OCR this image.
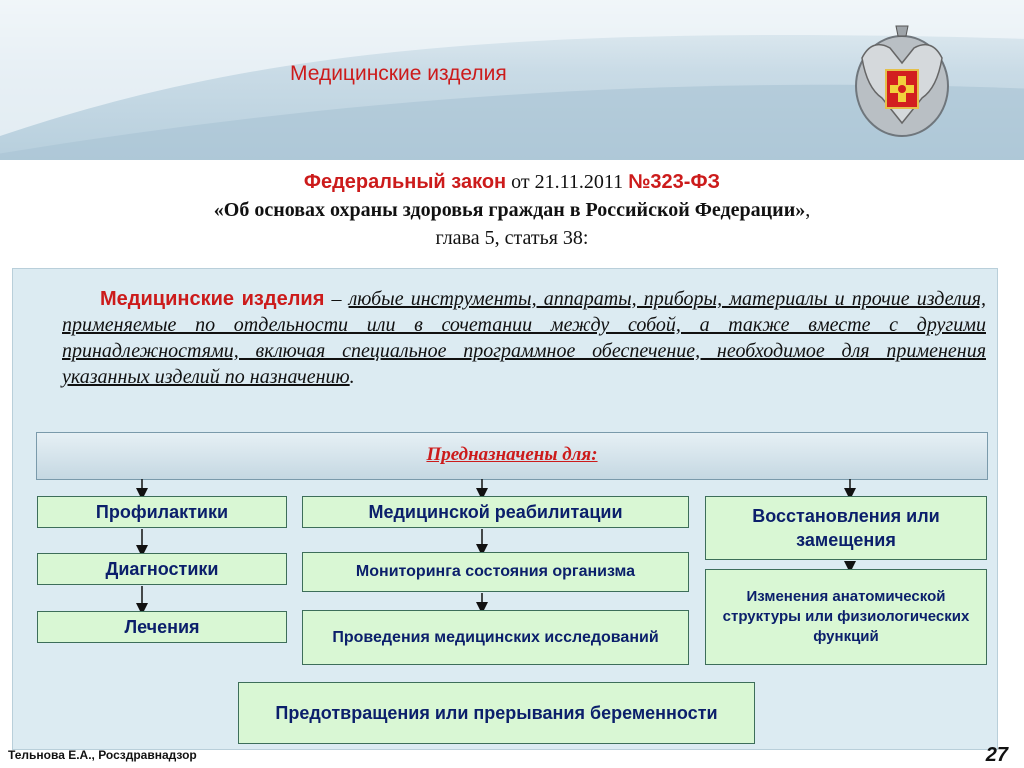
Медицинские изделия
Федеральный закон от 21.11.2011 №323-ФЗ
«Об основах охраны здоровья граждан в Российской Федерации»,
глава 5, статья 38:
Медицинские изделия – любые инструменты, аппараты, приборы, материалы и прочие изделия, применяемые по отдельности или в сочетании между собой, а также вместе с другими принадлежностями, включая специальное программное обеспечение, необходимое для применения указанных изделий по назначению.
Предназначены для:
Профилактики
Диагностики
Лечения
Медицинской реабилитации
Мониторинга состояния организма
Проведения медицинских исследований
Восстановления или замещения
Изменения анатомической структуры или физиологических функций
Предотвращения или прерывания беременности
Тельнова Е.А., Росздравнадзор	27
